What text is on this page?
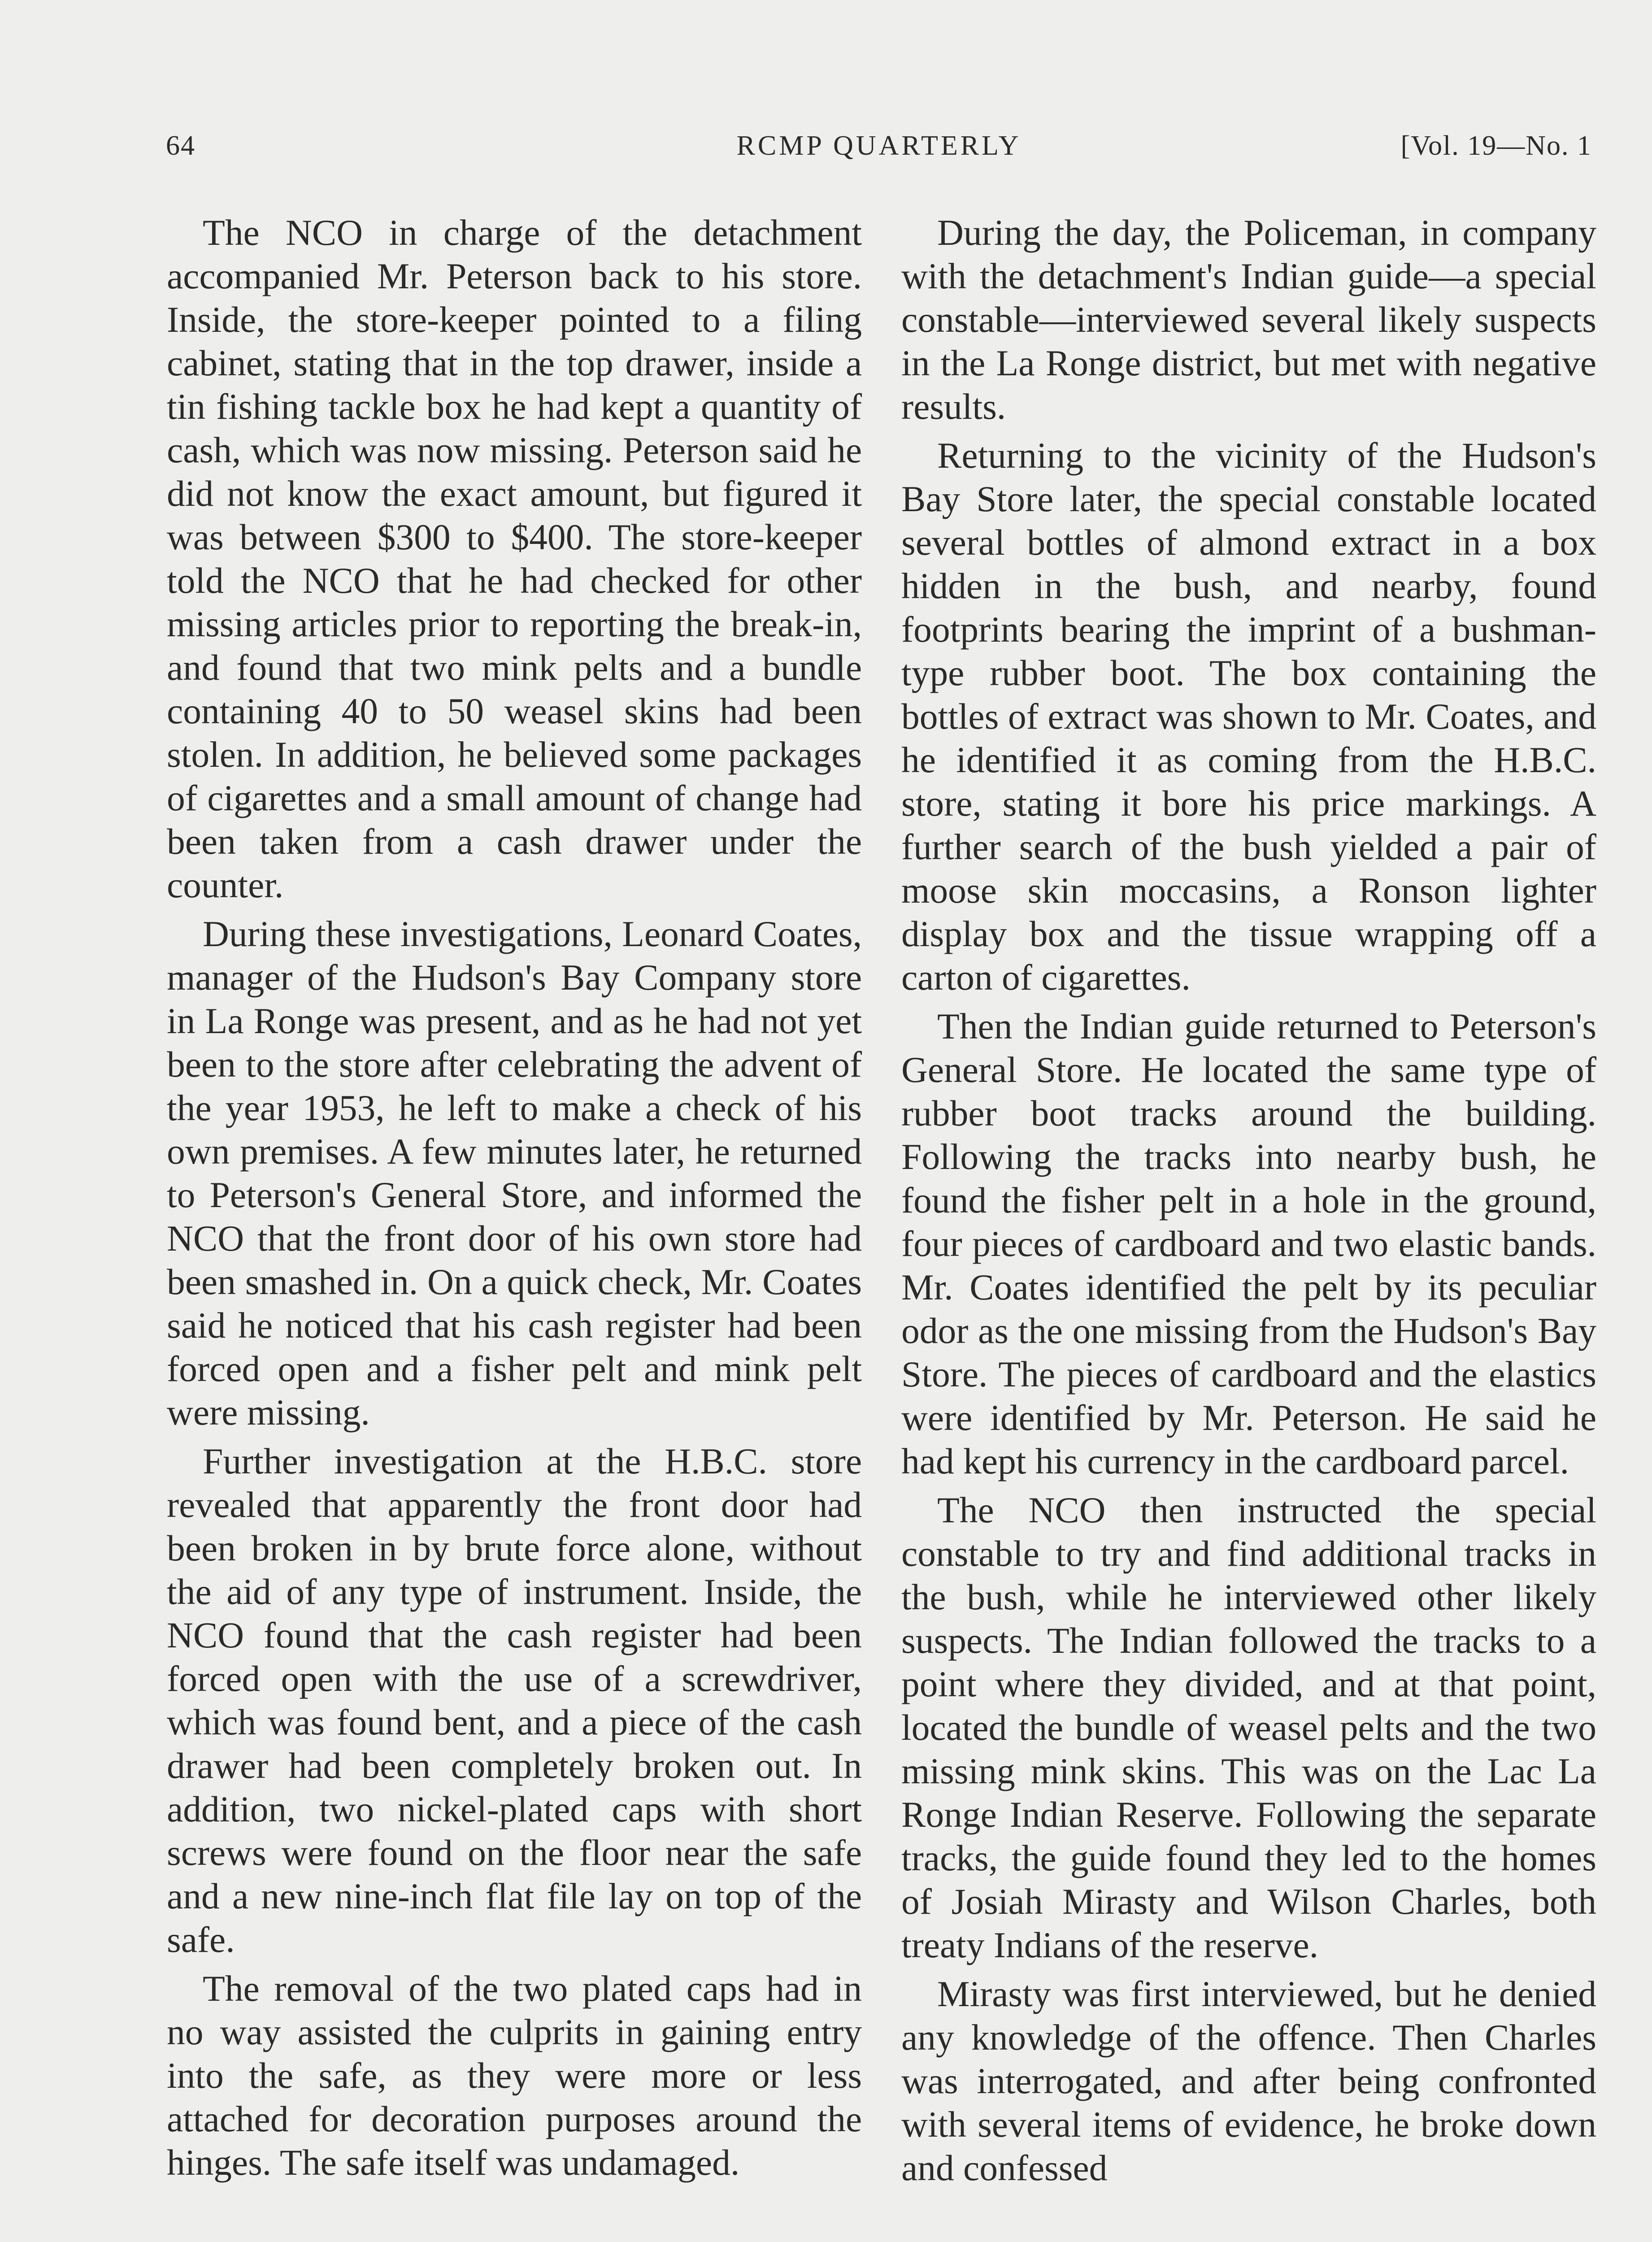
64	RCMP QUARTERLY	[Vol. 19—No. 1

The NCO in charge of the detachment accompanied Mr. Peterson back to his store. Inside, the store-keeper pointed to a filing cabinet, stating that in the top drawer, inside a tin fishing tackle box he had kept a quantity of cash, which was now missing. Peterson said he did not know the exact amount, but figured it was between $300 to $400. The store-keeper told the NCO that he had checked for other missing articles prior to reporting the break-in, and found that two mink pelts and a bundle containing 40 to 50 weasel skins had been stolen. In addition, he believed some packages of cigarettes and a small amount of change had been taken from a cash drawer under the counter.

During these investigations, Leonard Coates, manager of the Hudson's Bay Company store in La Ronge was present, and as he had not yet been to the store after celebrating the advent of the year 1953, he left to make a check of his own premises. A few minutes later, he returned to Peterson's General Store, and informed the NCO that the front door of his own store had been smashed in. On a quick check, Mr. Coates said he noticed that his cash register had been forced open and a fisher pelt and mink pelt were missing.

Further investigation at the H.B.C. store revealed that apparently the front door had been broken in by brute force alone, without the aid of any type of instrument. Inside, the NCO found that the cash register had been forced open with the use of a screwdriver, which was found bent, and a piece of the cash drawer had been completely broken out. In addition, two nickel-plated caps with short screws were found on the floor near the safe and a new nine-inch flat file lay on top of the safe.

The removal of the two plated caps had in no way assisted the culprits in gaining entry into the safe, as they were more or less attached for decoration purposes around the hinges. The safe itself was undamaged.

During the day, the Policeman, in company with the detachment's Indian guide—a special constable—interviewed several likely suspects in the La Ronge district, but met with negative results.

Returning to the vicinity of the Hudson's Bay Store later, the special constable located several bottles of almond extract in a box hidden in the bush, and nearby, found footprints bearing the imprint of a bushman-type rubber boot. The box containing the bottles of extract was shown to Mr. Coates, and he identified it as coming from the H.B.C. store, stating it bore his price markings. A further search of the bush yielded a pair of moose skin moccasins, a Ronson lighter display box and the tissue wrapping off a carton of cigarettes.

Then the Indian guide returned to Peterson's General Store. He located the same type of rubber boot tracks around the building. Following the tracks into nearby bush, he found the fisher pelt in a hole in the ground, four pieces of cardboard and two elastic bands. Mr. Coates identified the pelt by its peculiar odor as the one missing from the Hudson's Bay Store. The pieces of cardboard and the elastics were identified by Mr. Peterson. He said he had kept his currency in the cardboard parcel.

The NCO then instructed the special constable to try and find additional tracks in the bush, while he interviewed other likely suspects. The Indian followed the tracks to a point where they divided, and at that point, located the bundle of weasel pelts and the two missing mink skins. This was on the Lac La Ronge Indian Reserve. Following the separate tracks, the guide found they led to the homes of Josiah Mirasty and Wilson Charles, both treaty Indians of the reserve.

Mirasty was first interviewed, but he denied any knowledge of the offence. Then Charles was interrogated, and after being confronted with several items of evidence, he broke down and confessed
